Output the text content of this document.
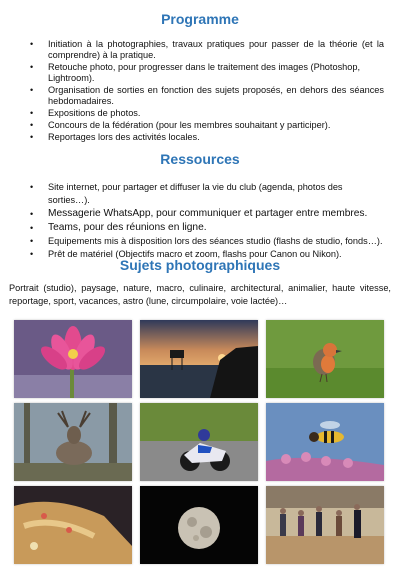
Programme
• Initiation à la photographies, travaux pratiques pour passer de la théorie (et la comprendre) à la pratique.
• Retouche photo, pour progresser dans le traitement des images (Photoshop, Lightroom).
• Organisation de sorties en fonction des sujets proposés, en dehors des séances hebdomadaires.
• Expositions de photos.
• Concours de la fédération (pour les membres souhaitant y participer).
• Reportages lors des activités locales.
Ressources
• Site internet, pour partager et diffuser la vie du club (agenda, photos des sorties…).
• Messagerie WhatsApp, pour communiquer et partager entre membres.
• Teams, pour des réunions en ligne.
• Equipements mis à disposition lors des séances studio (flashs de studio, fonds…).
• Prêt de matériel (Objectifs macro et zoom, flashs pour Canon ou Nikon).
Sujets photographiques
Portrait (studio), paysage, nature, macro, culinaire, architectural, animalier, haute vitesse, reportage, sport, vacances, astro (lune, circumpolaire, voie lactée)…
